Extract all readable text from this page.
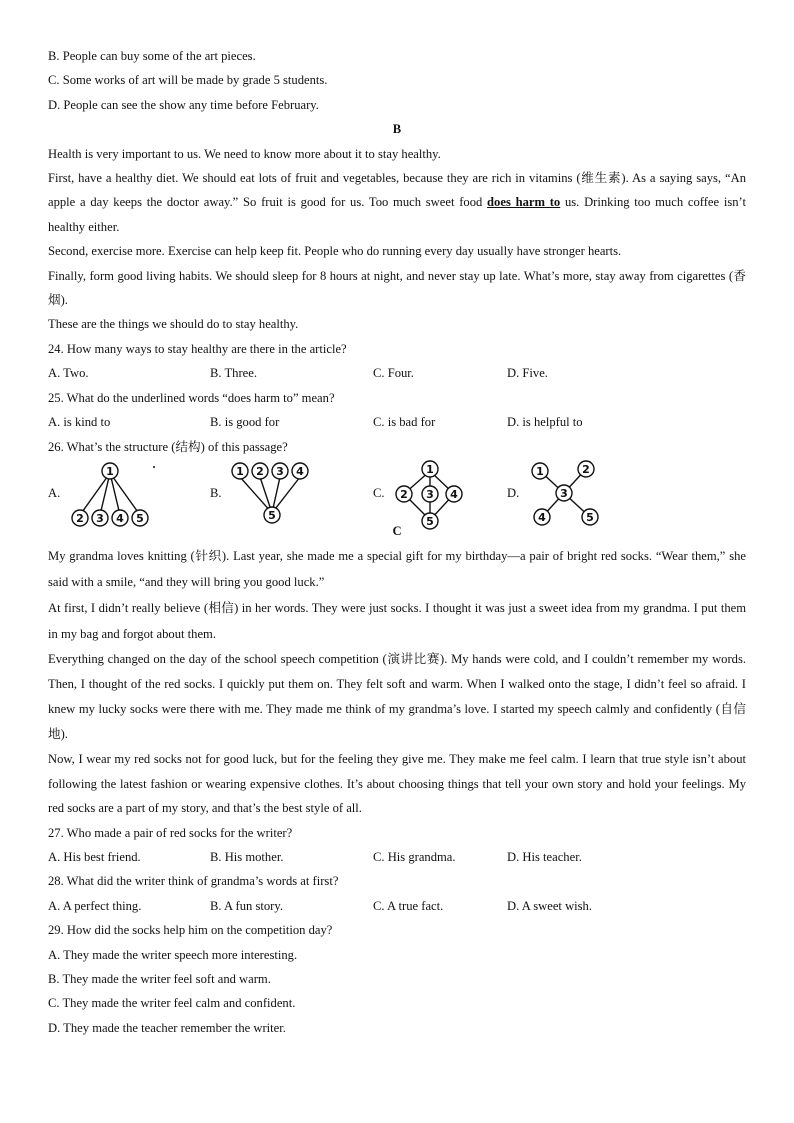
B. People can buy some of the art pieces.
C. Some works of art will be made by grade 5 students.
D. People can see the show any time before February.
B
Health is very important to us. We need to know more about it to stay healthy.
First, have a healthy diet. We should eat lots of fruit and vegetables, because they are rich in vitamins (维生素). As a saying says, “An apple a day keeps the doctor away.” So fruit is good for us. Too much sweet food does harm to us. Drinking too much coffee isn’t healthy either.
Second, exercise more. Exercise can help keep fit. People who do running every day usually have stronger hearts.
Finally, form good living habits. We should sleep for 8 hours at night, and never stay up late. What’s more, stay away from cigarettes (香烟).
These are the things we should do to stay healthy.
24. How many ways to stay healthy are there in the article?
A. Two.	B. Three.	C. Four.	D. Five.
25. What do the underlined words “does harm to” mean?
A. is kind to	B. is good for	C. is bad for	D. is helpful to
26. What’s the structure (结构) of this passage?
A.
1
2 3 4 5
B.
1 2 3 4
5
C.
1
2 3 4
5
D.
1	2
3
4	5
C
My grandma loves knitting (针织). Last year, she made me a special gift for my birthday—a pair of bright red socks. “Wear them,” she said with a smile, “and they will bring you good luck.”
At first, I didn’t really believe (相信) in her words. They were just socks. I thought it was just a sweet idea from my grandma. I put them in my bag and forgot about them.
Everything changed on the day of the school speech competition (演讲比赛). My hands were cold, and I couldn’t remember my words. Then, I thought of the red socks. I quickly put them on. They felt soft and warm. When I walked onto the stage, I didn’t feel so afraid. I knew my lucky socks were there with me. They made me think of my grandma’s love. I started my speech calmly and confidently (自信地).
Now, I wear my red socks not for good luck, but for the feeling they give me. They make me feel calm. I learn that true style isn’t about following the latest fashion or wearing expensive clothes. It’s about choosing things that tell your own story and hold your feelings. My red socks are a part of my story, and that’s the best style of all.
27. Who made a pair of red socks for the writer?
A. His best friend.	B. His mother.	C. His grandma.	D. His teacher.
28. What did the writer think of grandma’s words at first?
A. A perfect thing.	B. A fun story.	C. A true fact.	D. A sweet wish.
29. How did the socks help him on the competition day?
A. They made the writer speech more interesting.
B. They made the writer feel soft and warm.
C. They made the writer feel calm and confident.
D. They made the teacher remember the writer.
